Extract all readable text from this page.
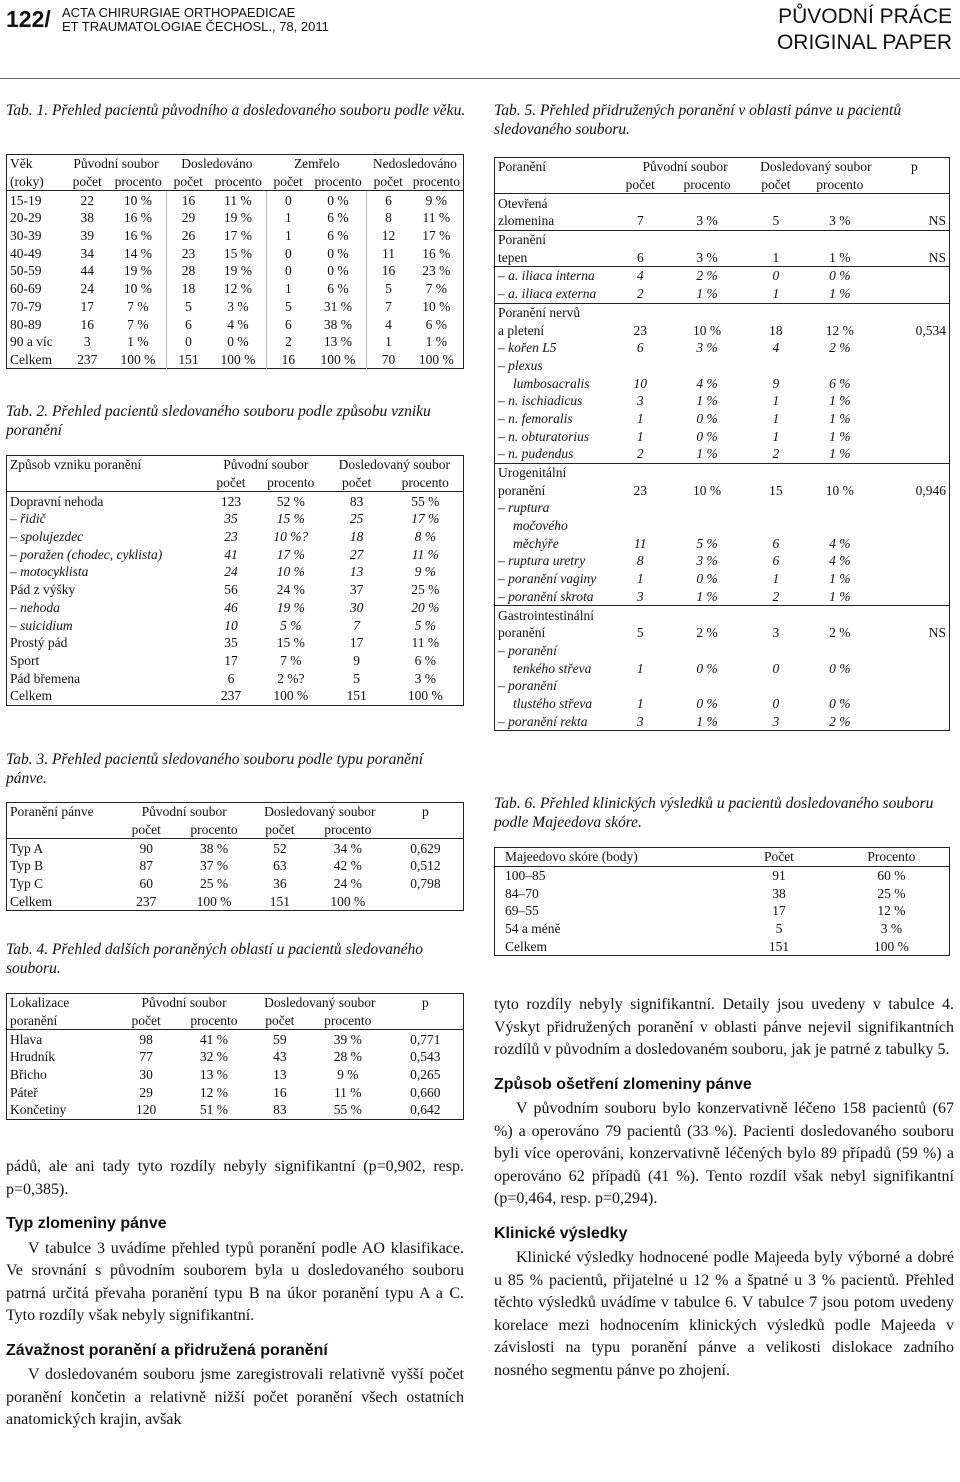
122/ ACTA CHIRURGIAE ORTHOPAEDICAE
ET TRAUMATOLOGIAE ČECHOSL., 78, 2011	PŮVODNÍ PRÁCE
ORIGINAL PAPER
Tab. 1. Přehled pacientů původního a dosledovaného souboru podle věku.
Věk	Původní soubor		Dosledováno		Zemřelo		Nedosledováno	
(roky)	počet	procento	počet	procento	počet	procento	počet	procento
15-19	22	10 %	16	11 %	0	0 %	6	9 %
20-29	38	16 %	29	19 %	1	6 %	8	11 %
30-39	39	16 %	26	17 %	1	6 %	12	17 %
40-49	34	14 %	23	15 %	0	0 %	11	16 %
50-59	44	19 %	28	19 %	0	0 %	16	23 %
60-69	24	10 %	18	12 %	1	6 %	5	7 %
70-79	17	7 %	5	3 %	5	31 %	7	10 %
80-89	16	7 %	6	4 %	6	38 %	4	6 %
90 a víc	3	1 %	0	0 %	2	13 %	1	1 %
Celkem	237	100 %	151	100 %	16	100 %	70	100 %
Tab. 2. Přehled pacientů sledovaného souboru podle způsobu vzniku poranění
Způsob vzniku poranění	Původní soubor		Dosledovaný soubor	
	počet	procento	počet	procento
Dopravní nehoda	123	52 %	83	55 %
– řidič	35	15 %	25	17 %
– spolujezdec	23	10 %?	18	8 %
– poražen (chodec, cyklista)	41	17 %	27	11 %
– motocyklista	24	10 %	13	9 %
Pád z výšky	56	24 %	37	25 %
– nehoda	46	19 %	30	20 %
– suicidium	10	5 %	7	5 %
Prostý pád	35	15 %	17	11 %
Sport	17	7 %	9	6 %
Pád břemena	6	2 %?	5	3 %
Celkem	237	100 %	151	100 %
Tab. 3. Přehled pacientů sledovaného souboru podle typu poranění pánve.
Poranění pánve	Původní soubor		Dosledovaný soubor		p
	počet	procento	počet	procento	
Typ A	90	38 %	52	34 %	0,629
Typ B	87	37 %	63	42 %	0,512
Typ C	60	25 %	36	24 %	0,798
Celkem	237	100 %	151	100 %	
Tab. 4. Přehled dalších poraněných oblastí u pacientů sledovaného souboru.
Lokalizace	Původní soubor		Dosledovaný soubor		p
poranění	počet	procento	počet	procento	
Hlava	98	41 %	59	39 %	0,771
Hrudník	77	32 %	43	28 %	0,543
Břicho	30	13 %	13	9 %	0,265
Páteř	29	12 %	16	11 %	0,660
Končetiny	120	51 %	83	55 %	0,642

pádů, ale ani tady tyto rozdíly nebyly signifikantní (p=0,902, resp. p=0,385).

Typ zlomeniny pánve

V tabulce 3 uvádíme přehled typů poranění podle AO klasifikace. Ve srovnání s původním souborem byla u dosledovaného souboru patrná určitá převaha poranění typu B na úkor poranění typu A a C. Tyto rozdíly však nebyly signifikantní.

Závažnost poranění a přidružená poranění

V dosledovaném souboru jsme zaregistrovali relativně vyšší počet poranění končetin a relativně nižší počet poranění všech ostatních anatomických krajin, avšak

Tab. 5. Přehled přidružených poranění v oblasti pánve u pacientů sledovaného souboru.
Poranění	Původní soubor		Dosledovaný soubor		p
	počet	procento	počet	procento	
Otevřená					
zlomenina	7	3 %	5	3 %	NS
Poranění					
tepen	6	3 %	1	1 %	NS
– a. iliaca interna	4	2 %	0	0 %	
– a. iliaca externa	2	1 %	1	1 %	
Poranění nervů					
a pletení	23	10 %	18	12 %	0,534
– kořen L5	6	3 %	4	2 %	
– plexus					
lumbosacralis	10	4 %	9	6 %	
– n. ischiadicus	3	1 %	1	1 %	
– n. femoralis	1	0 %	1	1 %	
– n. obturatorius	1	0 %	1	1 %	
– n. pudendus	2	1 %	2	1 %	
Urogenitální					
poranění	23	10 %	15	10 %	0,946
– ruptura					
močového					
měchýře	11	5 %	6	4 %	
– ruptura uretry	8	3 %	6	4 %	
– poranění vaginy	1	0 %	1	1 %	
– poranění skrota	3	1 %	2	1 %	
Gastrointestinální					
poranění	5	2 %	3	2 %	NS
– poranění					
tenkého střeva	1	0 %	0	0 %	
– poranění					
tlustého střeva	1	0 %	0	0 %	
– poranění rekta	3	1 %	3	2 %	
Tab. 6. Přehled klinických výsledků u pacientů dosledovaného souboru podle Majeedova skóre.
Majeedovo skóre (body)	Počet	Procento
100–85	91	60 %
84–70	38	25 %
69–55	17	12 %
54 a méně	5	3 %
Celkem	151	100 %

tyto rozdíly nebyly signifikantní. Detaily jsou uvedeny v tabulce 4. Výskyt přidružených poranění v oblasti pánve nejevil signifikantních rozdílů v původním a dosledovaném souboru, jak je patrné z tabulky 5.

Způsob ošetření zlomeniny pánve

V původním souboru bylo konzervativně léčeno 158 pacientů (67 %) a operováno 79 pacientů (33 %). Pacienti dosledovaného souboru byli více operováni, konzervativně léčených bylo 89 případů (59 %) a operováno 62 případů (41 %). Tento rozdíl však nebyl signifikantní (p=0,464, resp. p=0,294).

Klinické výsledky

Klinické výsledky hodnocené podle Majeeda byly výborné a dobré u 85 % pacientů, přijatelné u 12 % a špatné u 3 % pacientů. Přehled těchto výsledků uvádíme v tabulce 6. V tabulce 7 jsou potom uvedeny korelace mezi hodnocením klinických výsledků podle Majeeda v závislosti na typu poranění pánve a velikosti dislokace zadního nosného segmentu pánve po zhojení.
